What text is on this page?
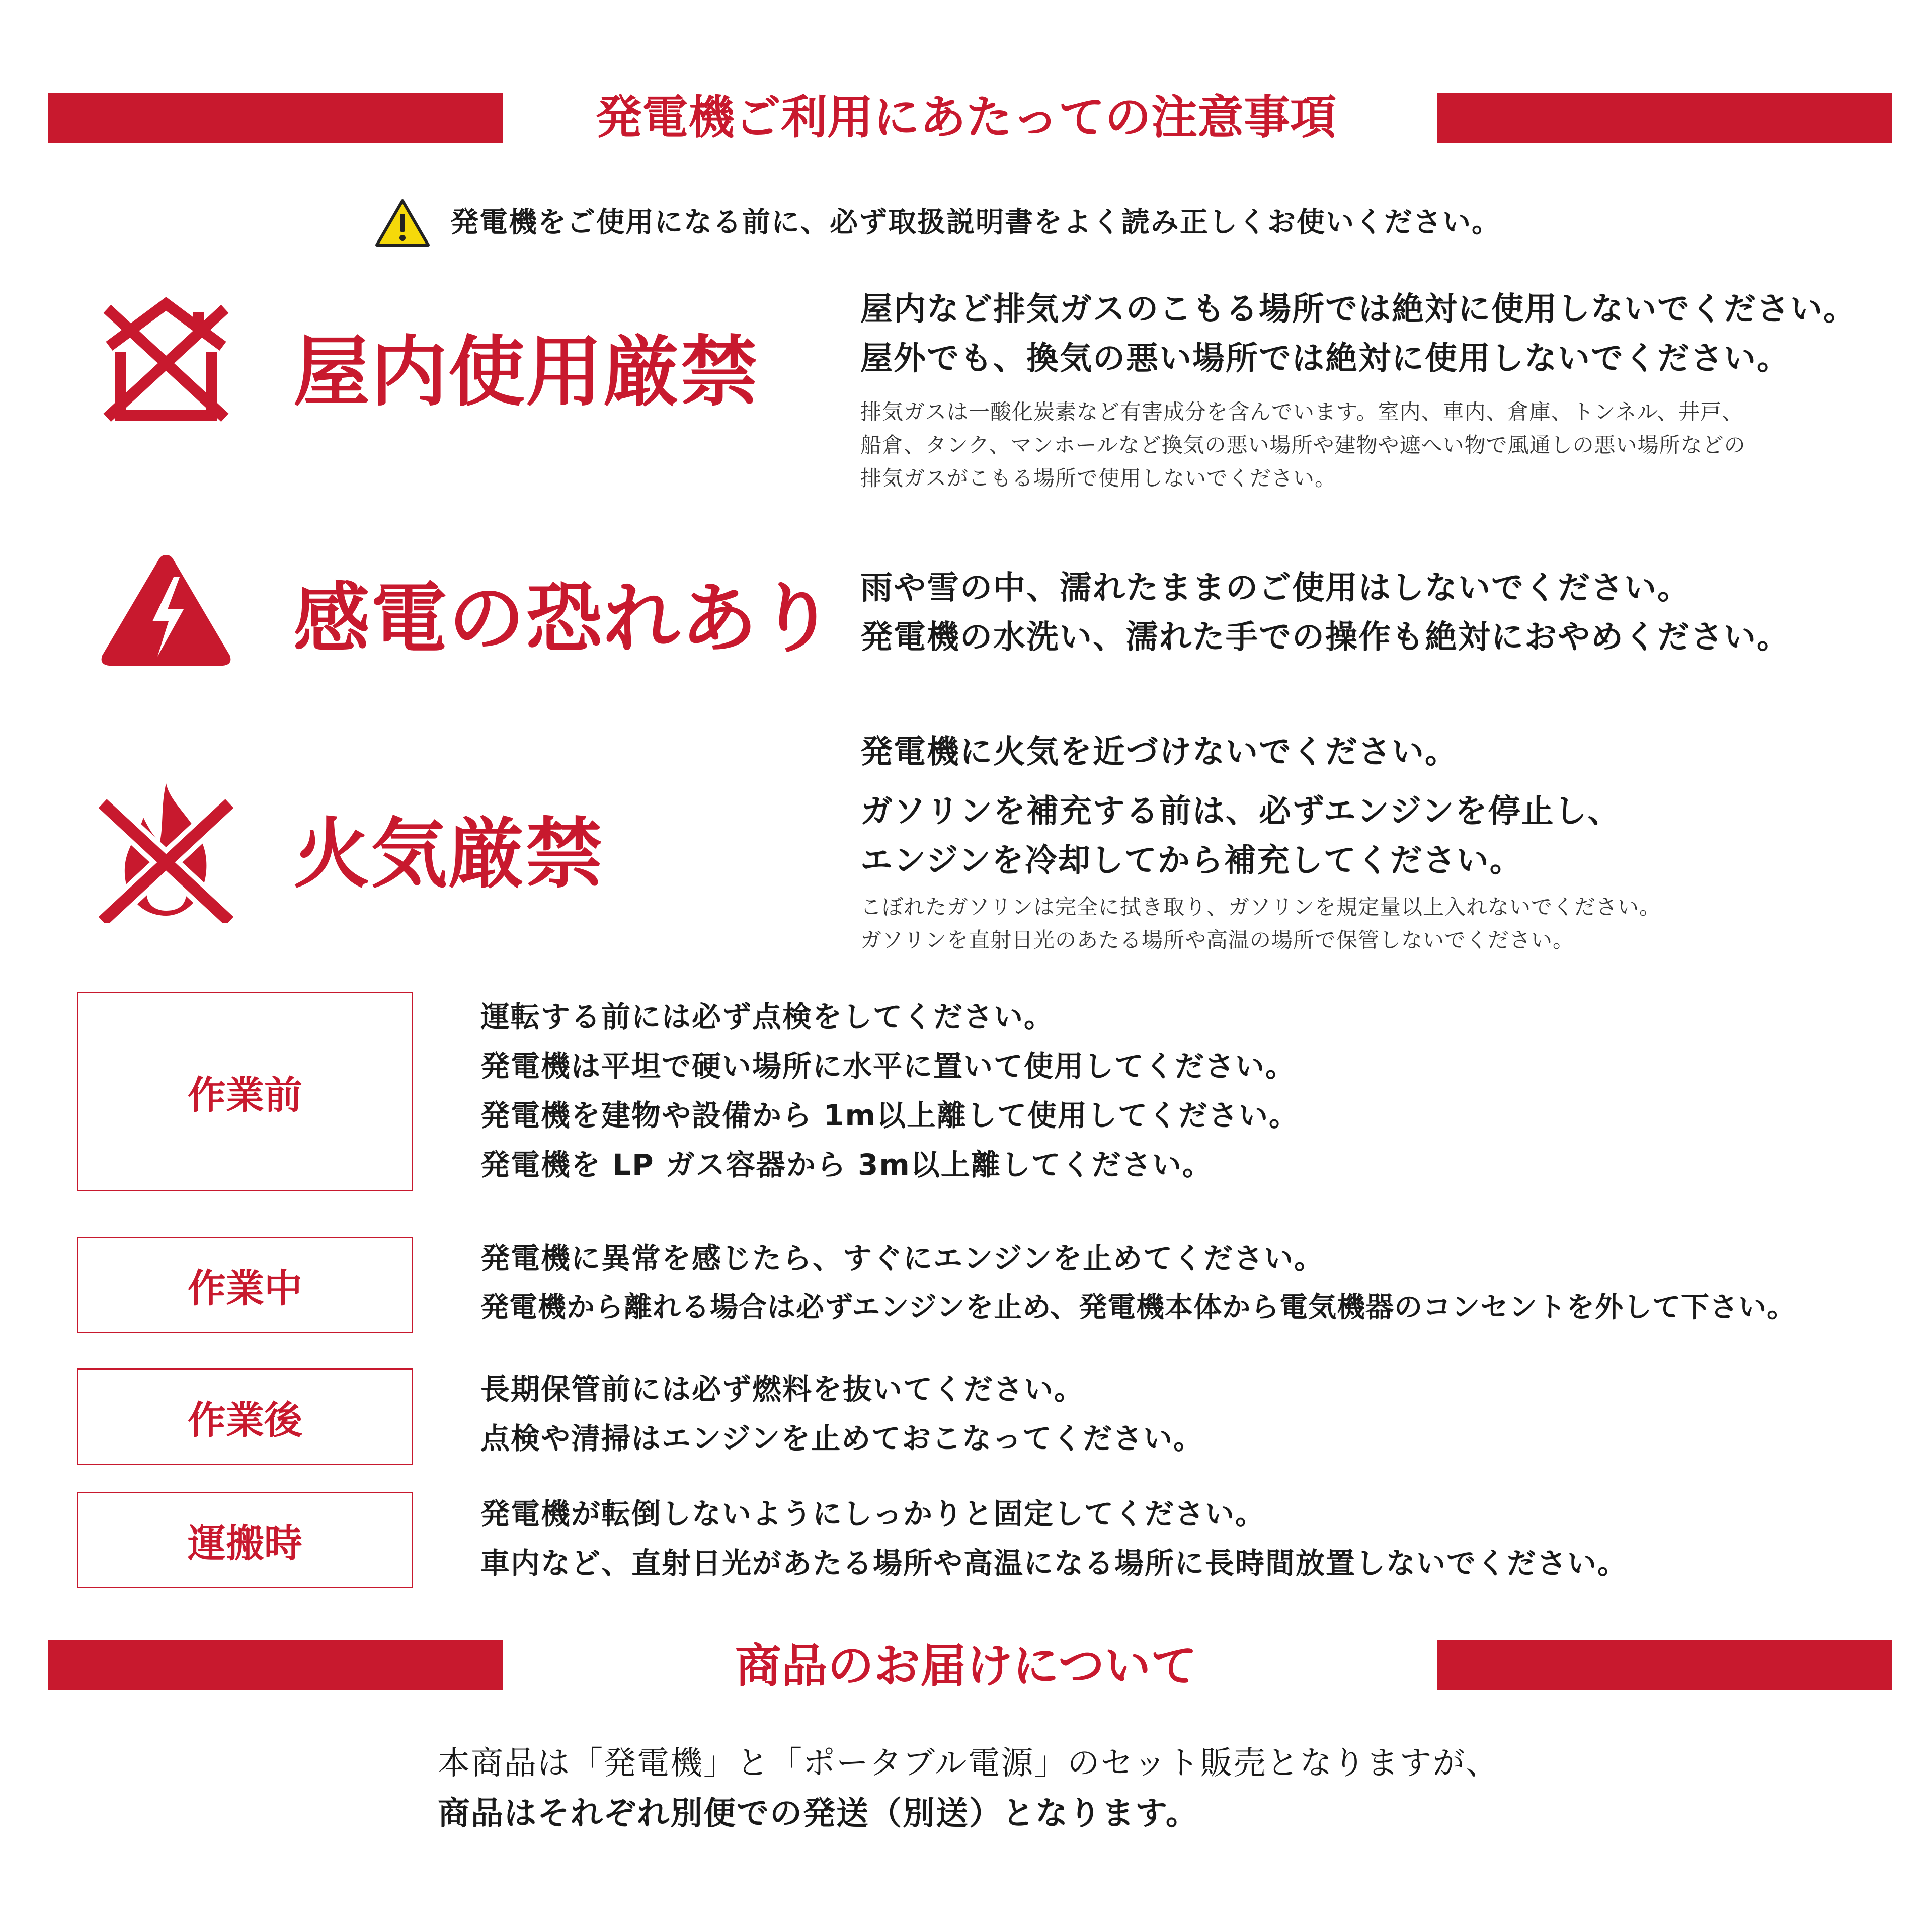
発電機ご利用にあたっての注意事項
発電機をご使用になる前に、必ず取扱説明書をよく読み正しくお使いください。
屋内使用厳禁
屋内など排気ガスのこもる場所では絶対に使用しないでください。
屋外でも、換気の悪い場所では絶対に使用しないでください。
排気ガスは一酸化炭素など有害成分を含んでいます。室内、車内、倉庫、トンネル、井戸、
船倉、タンク、マンホールなど換気の悪い場所や建物や遮へい物で風通しの悪い場所などの
排気ガスがこもる場所で使用しないでください。
感電の恐れあり 雨や雪の中、濡れたままのご使用はしないでください。
発電機の水洗い、濡れた手での操作も絶対におやめください。
火気厳禁
発電機に火気を近づけないでください。
ガソリンを補充する前は、必ずエンジンを停止し、
エンジンを冷却してから補充してください。
こぼれたガソリンは完全に拭き取り、ガソリンを規定量以上入れないでください。
ガソリンを直射日光のあたる場所や高温の場所で保管しないでください。
作業前
運転する前には必ず点検をしてください。
発電機は平坦で硬い場所に水平に置いて使用してください。
発電機を建物や設備から 1m以上離して使用してください。
発電機を LP ガス容器から 3m以上離してください。
作業中
発電機に異常を感じたら、すぐにエンジンを止めてください。
発電機から離れる場合は必ずエンジンを止め、発電機本体から電気機器のコンセントを外して下さい。
作業後
長期保管前には必ず燃料を抜いてください。
点検や清掃はエンジンを止めておこなってください。
運搬時
発電機が転倒しないようにしっかりと固定してください。
車内など、直射日光があたる場所や高温になる場所に長時間放置しないでください。
商品のお届けについて
本商品は「発電機」と「ポータブル電源」のセット販売となりますが、
商品はそれぞれ別便での発送（別送）となります。
